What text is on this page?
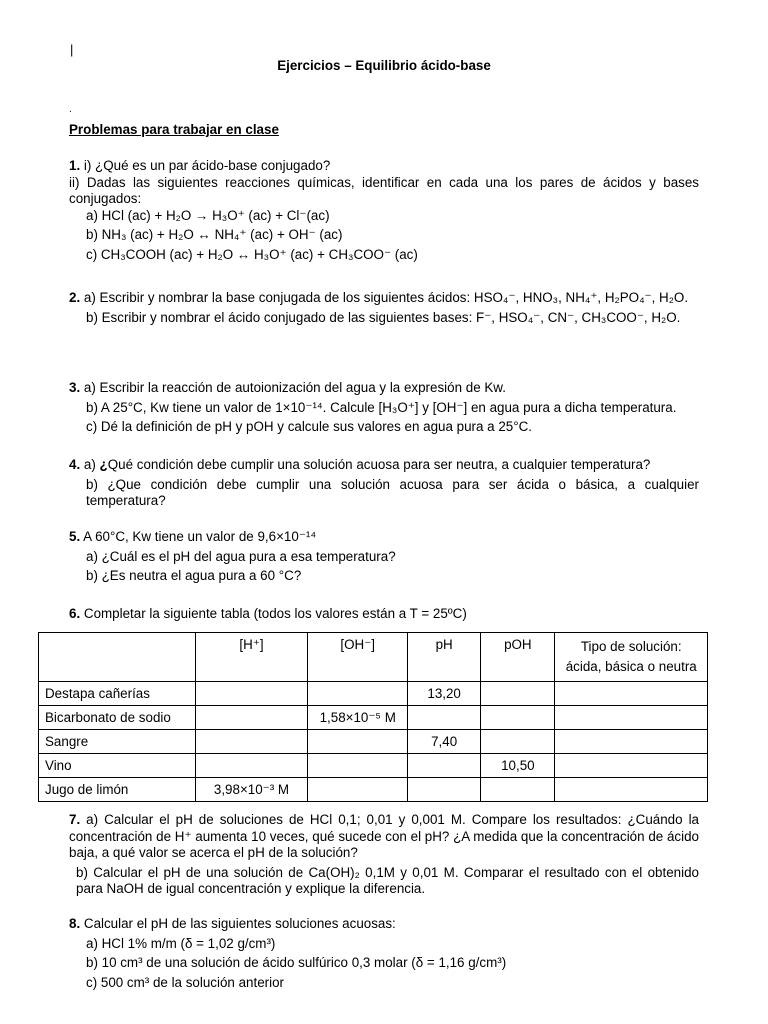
|
Ejercicios – Equilibrio ácido-base
.
Problemas para trabajar en clase
1. i) ¿Qué es un par ácido-base conjugado?
ii) Dadas las siguientes reacciones químicas, identificar en cada una los pares de ácidos y bases conjugados:
a) HCl (ac) + H₂O → H₃O⁺ (ac) + Cl⁻(ac)
b) NH₃ (ac) + H₂O ↔ NH₄⁺ (ac) + OH⁻ (ac)
c) CH₃COOH (ac) + H₂O ↔ H₃O⁺ (ac) + CH₃COO⁻ (ac)
2. a) Escribir y nombrar la base conjugada de los siguientes ácidos: HSO₄⁻, HNO₃, NH₄⁺, H₂PO₄⁻, H₂O.
b) Escribir y nombrar el ácido conjugado de las siguientes bases: F⁻, HSO₄⁻, CN⁻, CH₃COO⁻, H₂O.
3. a) Escribir la reacción de autoionización del agua y la expresión de Kw.
b) A 25°C, Kw tiene un valor de 1×10⁻¹⁴. Calcule [H₃O⁺] y [OH⁻] en agua pura a dicha temperatura.
c) Dé la definición de pH y pOH y calcule sus valores en agua pura a 25°C.
4. a) ¿Qué condición debe cumplir una solución acuosa para ser neutra, a cualquier temperatura?
b) ¿Que condición debe cumplir una solución acuosa para ser ácida o básica, a cualquier temperatura?
5. A 60°C, Kw tiene un valor de 9,6×10⁻¹⁴
a) ¿Cuál es el pH del agua pura a esa temperatura?
b) ¿Es neutra el agua pura a 60 °C?
6. Completar la siguiente tabla (todos los valores están a T = 25ºC)
7. a) Calcular el pH de soluciones de HCl 0,1; 0,01 y 0,001 M. Compare los resultados: ¿Cuándo la concentración de H⁺ aumenta 10 veces, qué sucede con el pH? ¿A medida que la concentración de ácido baja, a qué valor se acerca el pH de la solución?
b) Calcular el pH de una solución de Ca(OH)₂ 0,1M y 0,01 M. Comparar el resultado con el obtenido para NaOH de igual concentración y explique la diferencia.
8. Calcular el pH de las siguientes soluciones acuosas:
a) HCl 1% m/m (δ = 1,02 g/cm³)
b) 10 cm³ de una solución de ácido sulfúrico 0,3 molar (δ = 1,16 g/cm³)
c) 500 cm³ de la solución anterior
	[H⁺]	[OH⁻]	pH	pOH	Tipo de solución:
ácida, básica o neutra
Destapa cañerías			13,20		
Bicarbonato de sodio		1,58×10⁻⁵ M			
Sangre			7,40		
Vino				10,50	
Jugo de limón	3,98×10⁻³ M				
